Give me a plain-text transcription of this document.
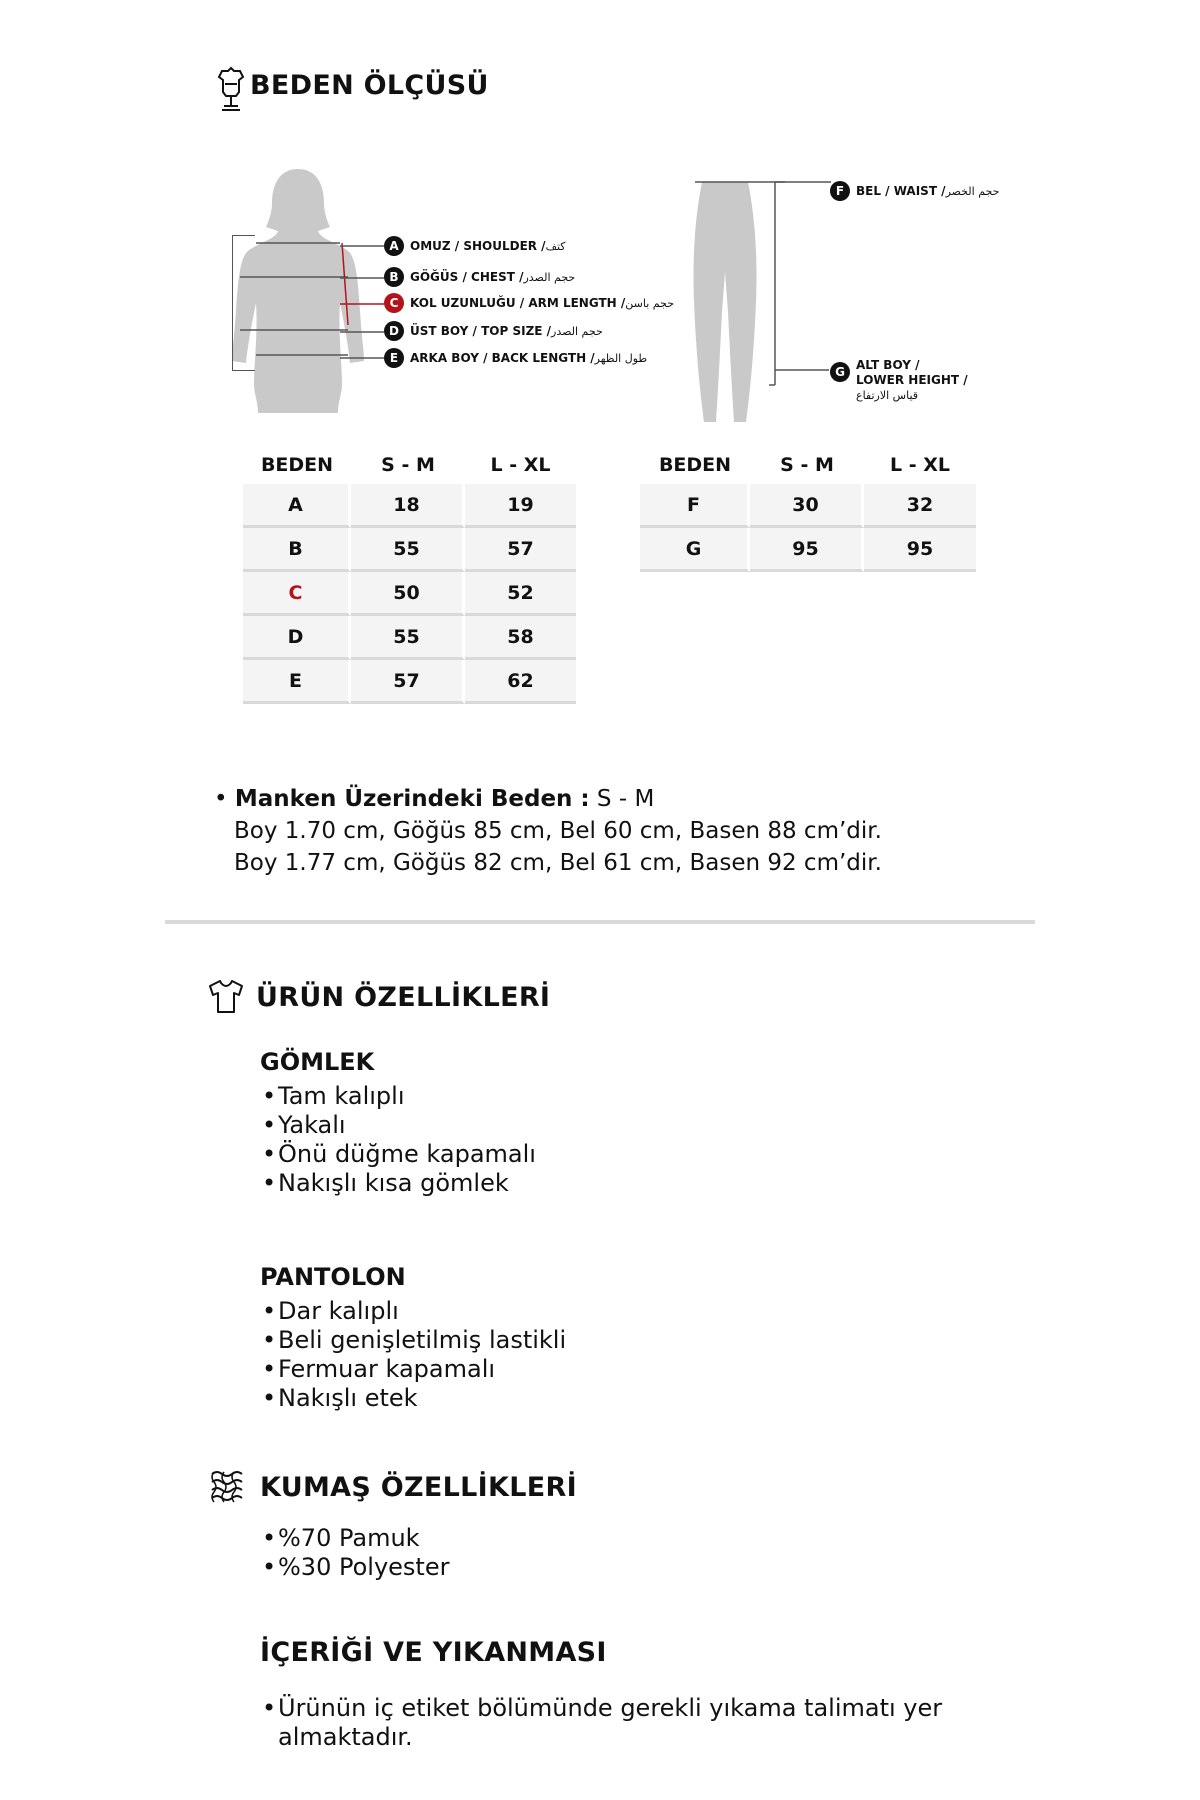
BEDEN ÖLÇÜSÜ
A OMUZ / SHOULDER / كتف
B GÖĞÜS / CHEST / حجم الصدر
C KOL UZUNLUĞU / ARM LENGTH / حجم باسن
D ÜST BOY / TOP SIZE / حجم الصدر
E ARKA BOY / BACK LENGTH / طول الظهر
F BEL / WAIST / حجم الخصر
G ALT BOY /
LOWER HEIGHT /
قياس الارتفاع
BEDEN	S - M	L - XL
A	18	19
B	55	57
C	50	52
D	55	58
E	57	62
BEDEN	S - M	L - XL
F	30	32
G	95	95
• Manken Üzerindeki Beden : S - M
Boy 1.70 cm, Göğüs 85 cm, Bel 60 cm, Basen 88 cm’dir.
Boy 1.77 cm, Göğüs 82 cm, Bel 61 cm, Basen 92 cm’dir.
ÜRÜN ÖZELLİKLERİ
GÖMLEK
• Tam kalıplı
• Yakalı
• Önü düğme kapamalı
• Nakışlı kısa gömlek
PANTOLON
• Dar kalıplı
• Beli genişletilmiş lastikli
• Fermuar kapamalı
• Nakışlı etek
KUMAŞ ÖZELLİKLERİ
• %70 Pamuk
• %30 Polyester
İÇERİĞİ VE YIKANMASI
• Ürünün iç etiket bölümünde gerekli yıkama talimatı yer
almaktadır.
